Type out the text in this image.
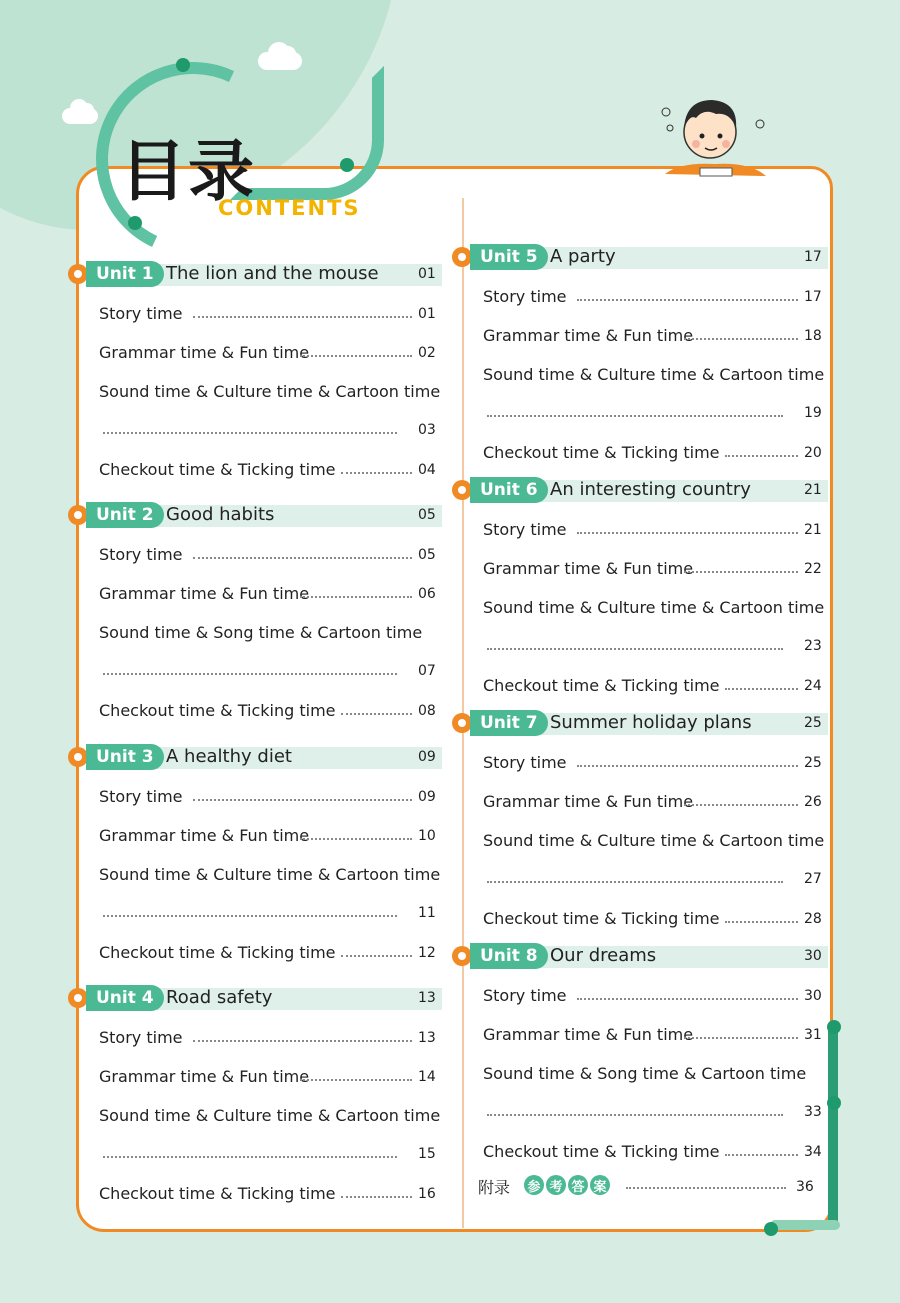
目录
CONTENTS
Unit 1 The lion and the mouse	01
Story time	01
Grammar time & Fun time	02
Sound time & Culture time & Cartoon time
03
Checkout time & Ticking time	04
Unit 2 Good habits	05
Story time	05
Grammar time & Fun time	06
Sound time & Song time & Cartoon time
07
Checkout time & Ticking time	08
Unit 3 A healthy diet	09
Story time	09
Grammar time & Fun time	10
Sound time & Culture time & Cartoon time
11
Checkout time & Ticking time	12
Unit 4 Road safety	13
Story time	13
Grammar time & Fun time	14
Sound time & Culture time & Cartoon time
15
Checkout time & Ticking time	16
Unit 5 A party	17
Story time	17
Grammar time & Fun time	18
Sound time & Culture time & Cartoon time
19
Checkout time & Ticking time	20
Unit 6 An interesting country	21
Story time	21
Grammar time & Fun time	22
Sound time & Culture time & Cartoon time
23
Checkout time & Ticking time	24
Unit 7 Summer holiday plans	25
Story time	25
Grammar time & Fun time	26
Sound time & Culture time & Cartoon time
27
Checkout time & Ticking time	28
Unit 8 Our dreams	30
Story time	30
Grammar time & Fun time	31
Sound time & Song time & Cartoon time
33
Checkout time & Ticking time	34
附录 参 考 答 案	36
